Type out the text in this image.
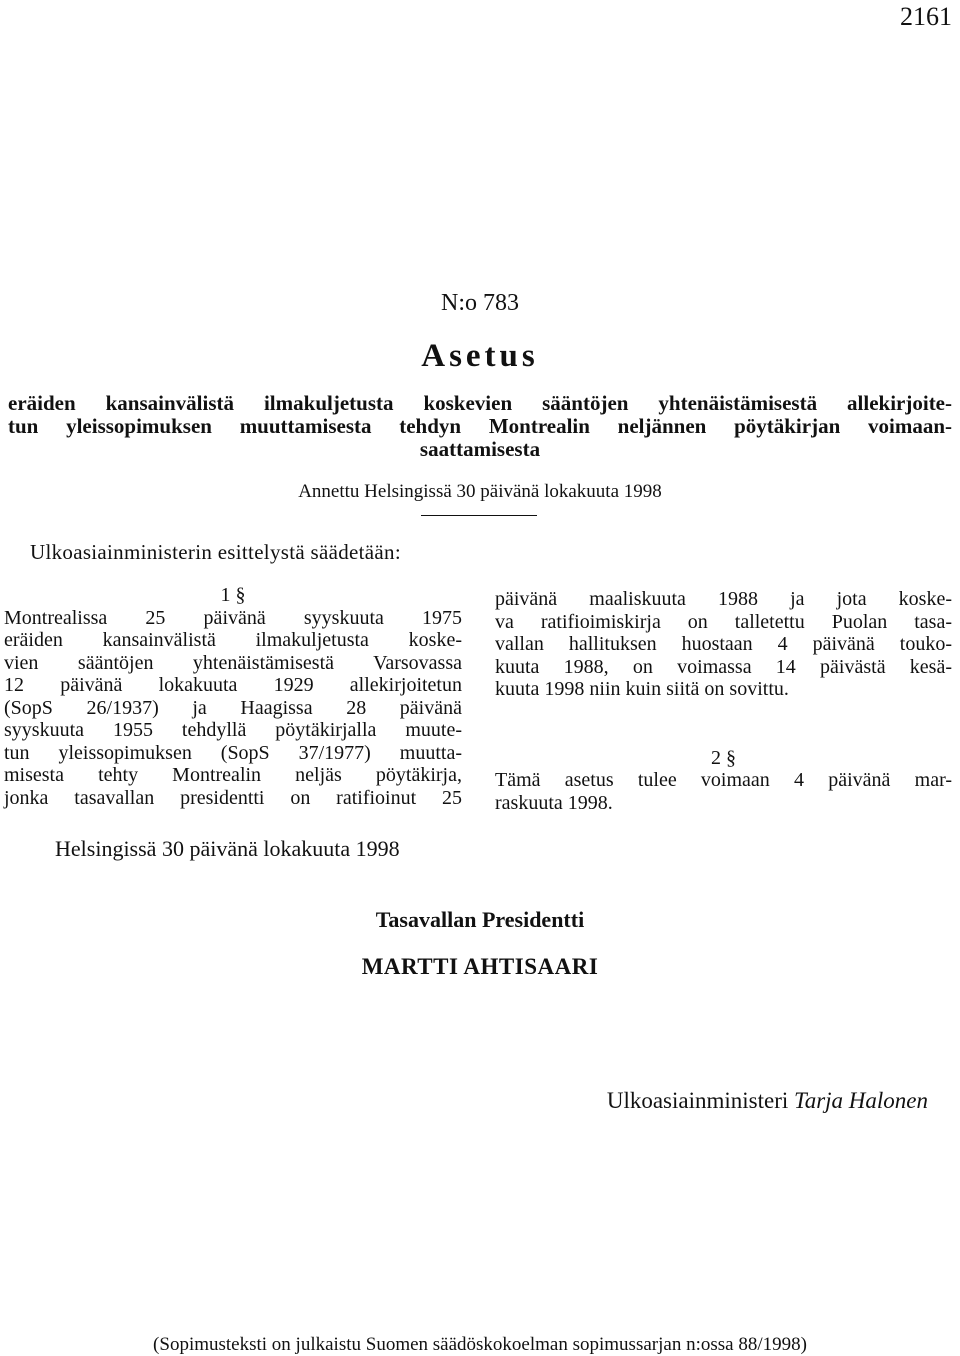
2161
N:o 783
Asetus
eräiden kansainvälistä ilmakuljetusta koskevien sääntöjen yhtenäistämisestä allekirjoite-
tun yleissopimuksen muuttamisesta tehdyn Montrealin neljännen pöytäkirjan voimaan-
saattamisesta
Annettu Helsingissä 30 päivänä lokakuuta 1998
Ulkoasiainministerin esittelystä säädetään:
1 §
Montrealissa 25 päivänä syyskuuta 1975
eräiden kansainvälistä ilmakuljetusta koske-
vien sääntöjen yhtenäistämisestä Varsovassa
12 päivänä lokakuuta 1929 allekirjoitetun
(SopS 26/1937) ja Haagissa 28 päivänä
syyskuuta 1955 tehdyllä pöytäkirjalla muute-
tun yleissopimuksen (SopS 37/1977) muutta-
misesta tehty Montrealin neljäs pöytäkirja,
jonka tasavallan presidentti on ratifioinut 25
päivänä maaliskuuta 1988 ja jota koske-
va ratifioimiskirja on talletettu Puolan tasa-
vallan hallituksen huostaan 4 päivänä touko-
kuuta 1988, on voimassa 14 päivästä kesä-
kuuta 1998 niin kuin siitä on sovittu.
2 §
Tämä asetus tulee voimaan 4 päivänä mar-
raskuuta 1998.
Helsingissä 30 päivänä lokakuuta 1998
Tasavallan Presidentti
MARTTI AHTISAARI
Ulkoasiainministeri Tarja Halonen
(Sopimusteksti on julkaistu Suomen säädöskokoelman sopimussarjan n:ossa 88/1998)
